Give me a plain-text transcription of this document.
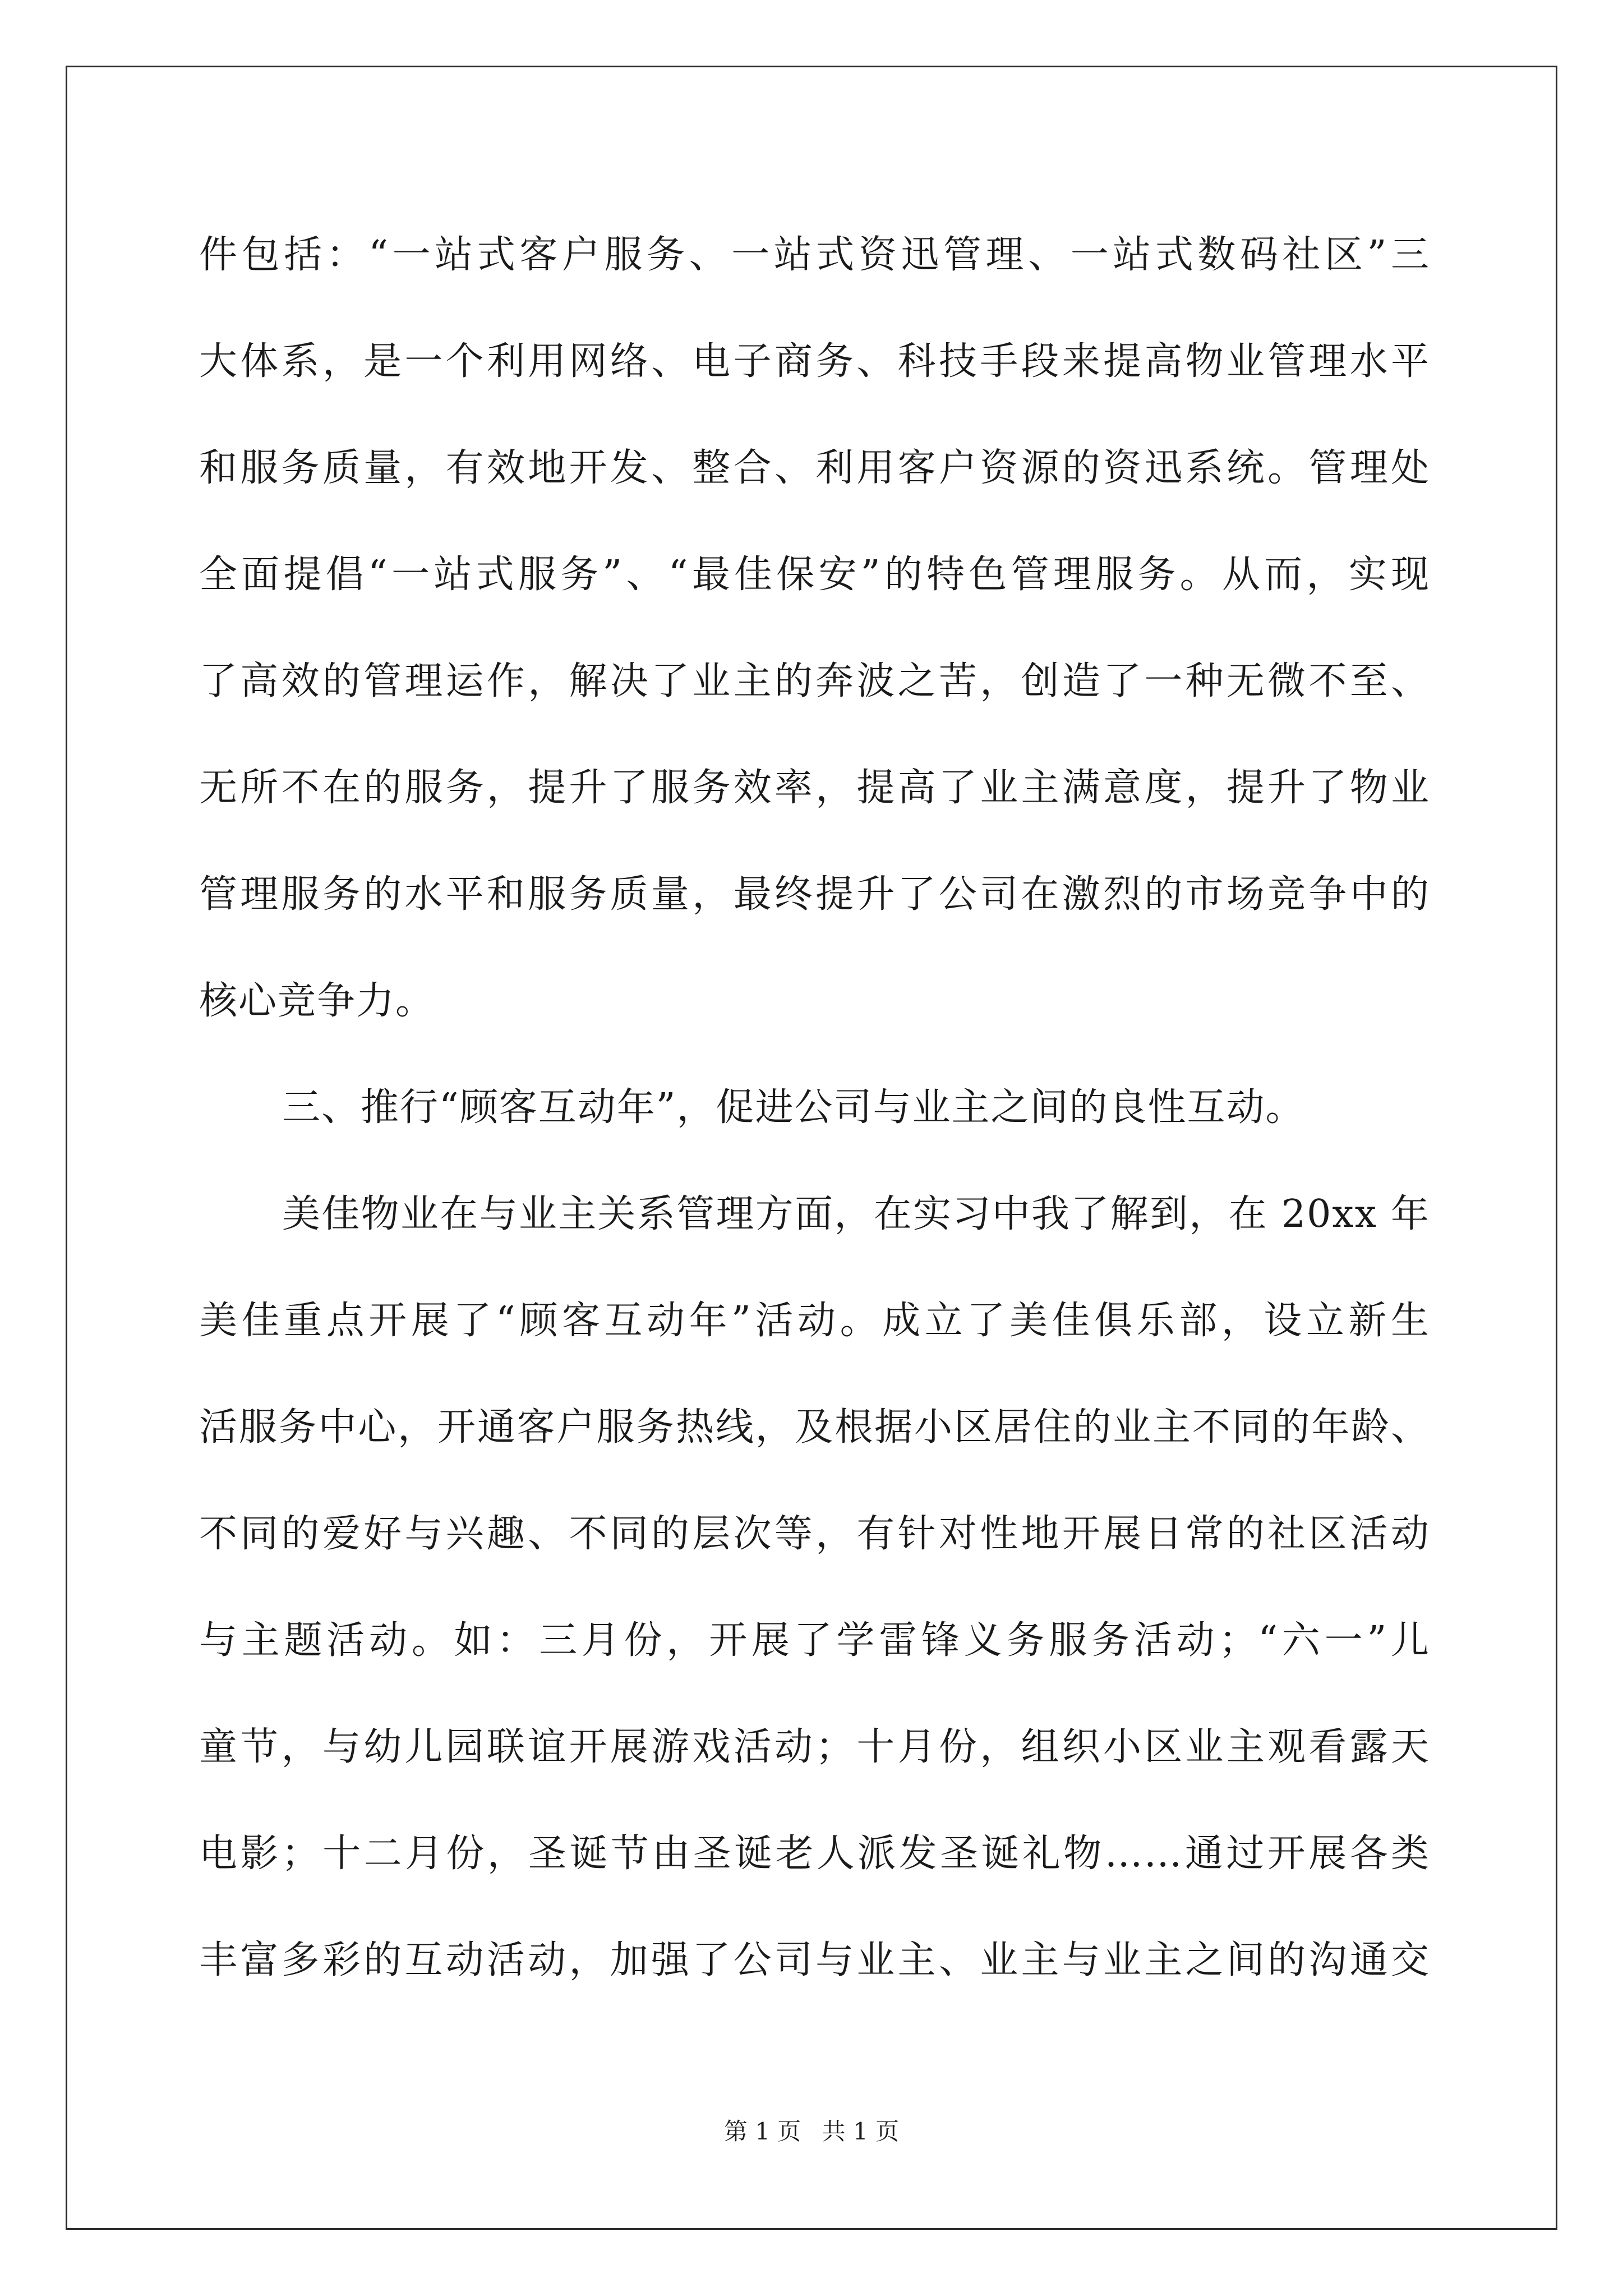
件包括：“一站式客户服务、一站式资迅管理、一站式数码社区”三
大体系，是一个利用网络、电子商务、科技手段来提高物业管理水平
和服务质量，有效地开发、整合、利用客户资源的资迅系统。管理处
全面提倡“一站式服务”、“最佳保安”的特色管理服务。从而，实现
了高效的管理运作，解决了业主的奔波之苦，创造了一种无微不至、
无所不在的服务，提升了服务效率，提高了业主满意度，提升了物业
管理服务的水平和服务质量，最终提升了公司在激烈的市场竞争中的
核心竞争力。
三、推行“顾客互动年”，促进公司与业主之间的良性互动。
美佳物业在与业主关系管理方面，在实习中我了解到，在 20xx 年
美佳重点开展了“顾客互动年”活动。成立了美佳俱乐部，设立新生
活服务中心，开通客户服务热线，及根据小区居住的业主不同的年龄、
不同的爱好与兴趣、不同的层次等，有针对性地开展日常的社区活动
与主题活动。如：三月份，开展了学雷锋义务服务活动；“六一”儿
童节，与幼儿园联谊开展游戏活动；十月份，组织小区业主观看露天
电影；十二月份，圣诞节由圣诞老人派发圣诞礼物……通过开展各类
丰富多彩的互动活动，加强了公司与业主、业主与业主之间的沟通交
第 1 页 共 1 页
